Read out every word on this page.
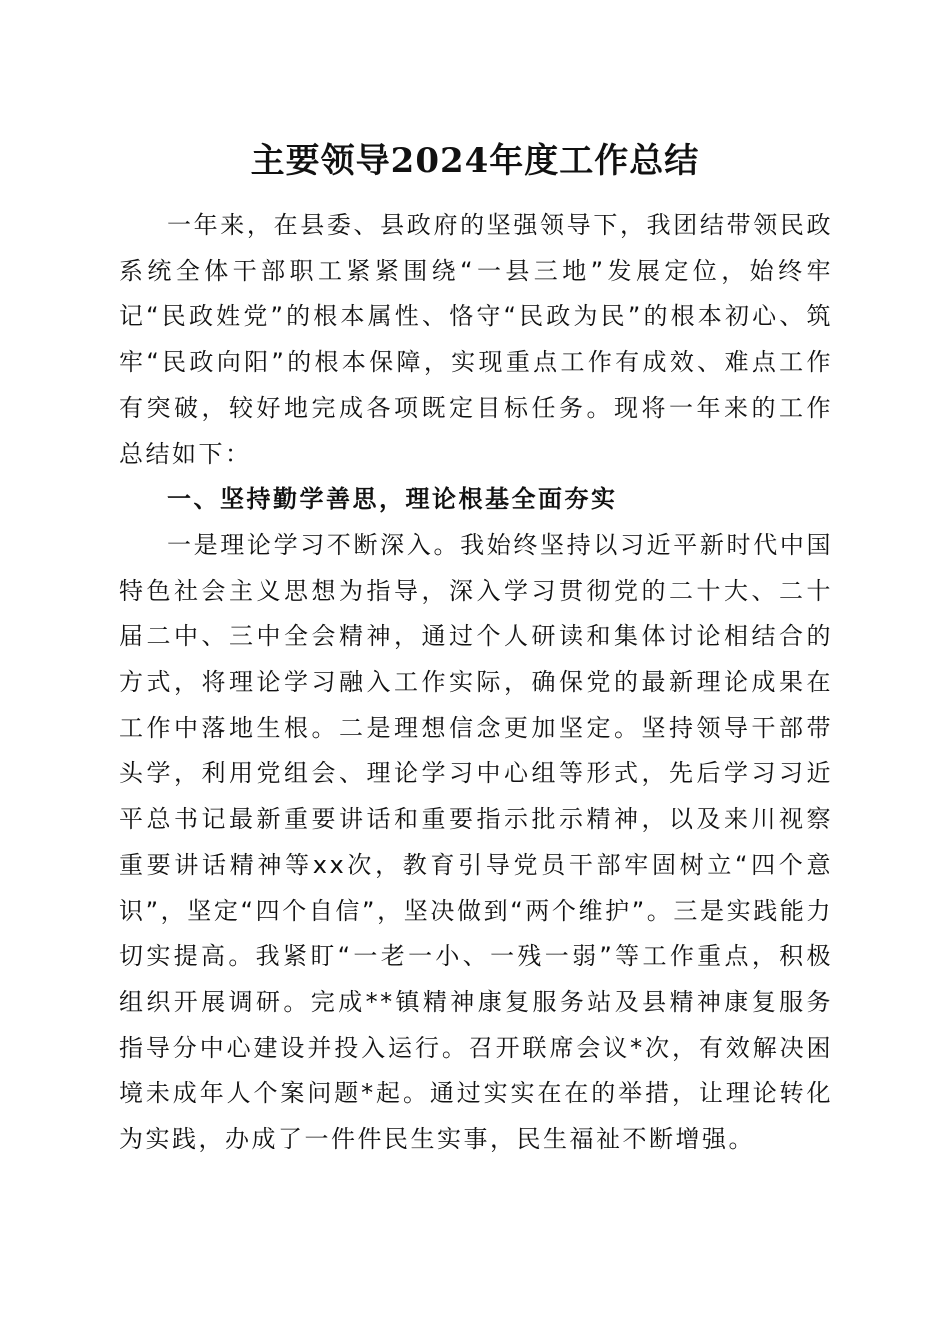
主要领导2024年度工作总结

一年来，在县委、县政府的坚强领导下，我团结带领民政系统全体干部职工紧紧围绕“一县三地”发展定位，始终牢记“民政姓党”的根本属性、恪守“民政为民”的根本初心、筑牢“民政向阳”的根本保障，实现重点工作有成效、难点工作有突破，较好地完成各项既定目标任务。现将一年来的工作总结如下：

一、坚持勤学善思，理论根基全面夯实

一是理论学习不断深入。我始终坚持以习近平新时代中国特色社会主义思想为指导，深入学习贯彻党的二十大、二十届二中、三中全会精神，通过个人研读和集体讨论相结合的方式，将理论学习融入工作实际，确保党的最新理论成果在工作中落地生根。二是理想信念更加坚定。坚持领导干部带头学，利用党组会、理论学习中心组等形式，先后学习习近平总书记最新重要讲话和重要指示批示精神，以及来川视察重要讲话精神等xx次，教育引导党员干部牢固树立“四个意识”，坚定“四个自信”，坚决做到“两个维护”。三是实践能力切实提高。我紧盯“一老一小、一残一弱”等工作重点，积极组织开展调研。完成**镇精神康复服务站及县精神康复服务指导分中心建设并投入运行。召开联席会议*次，有效解决困境未成年人个案问题*起。通过实实在在的举措，让理论转化为实践，办成了一件件民生实事，民生福祉不断增强。
